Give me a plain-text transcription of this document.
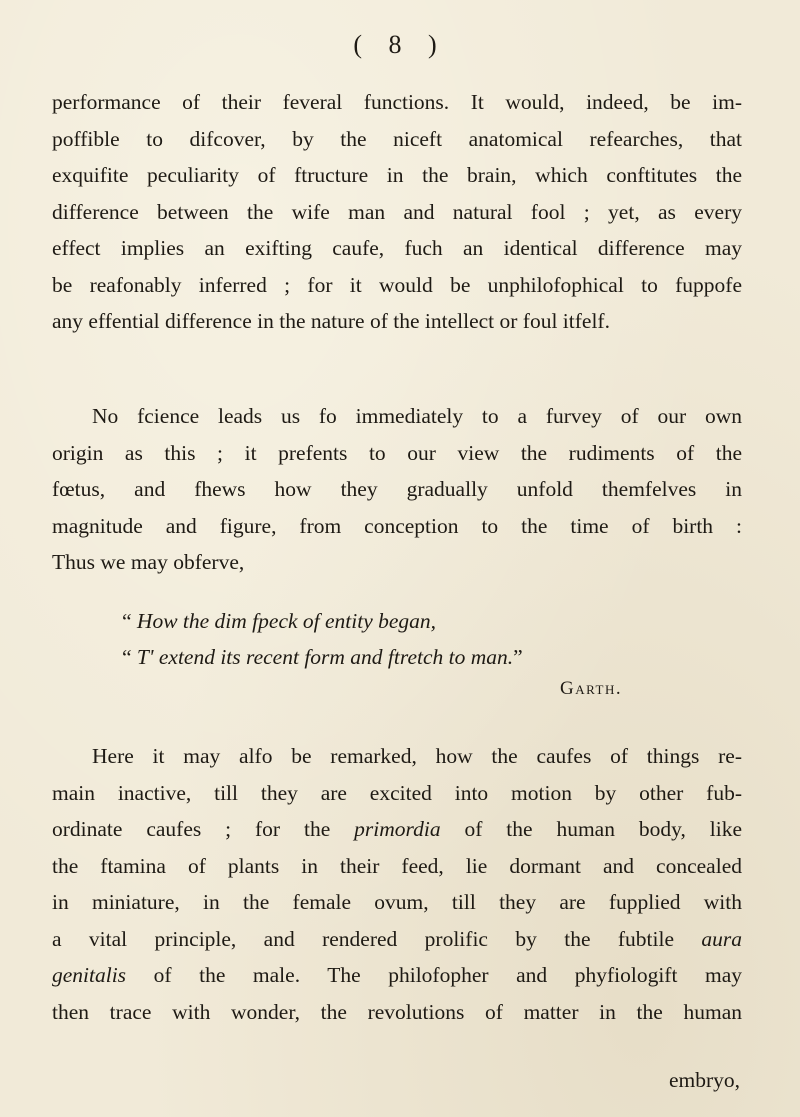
( 8 )
performance of their feveral functions. It would, indeed, be im-
poffible to difcover, by the niceft anatomical refearches, that
exquifite peculiarity of ftructure in the brain, which conftitutes the
difference between the wife man and natural fool ; yet, as every
effect implies an exifting caufe, fuch an identical difference may
be reafonably inferred ; for it would be unphilofophical to fuppofe
any effential difference in the nature of the intellect or foul itfelf.
No fcience leads us fo immediately to a furvey of our own
origin as this ; it prefents to our view the rudiments of the
fœtus, and fhews how they gradually unfold themfelves in
magnitude and figure, from conception to the time of birth :
Thus we may obferve,
“ How the dim fpeck of entity began,
“ T' extend its recent form and ftretch to man.”
Garth.
Here it may alfo be remarked, how the caufes of things re-
main inactive, till they are excited into motion by other fub-
ordinate caufes ; for the primordia of the human body, like
the ftamina of plants in their feed, lie dormant and concealed
in miniature, in the female ovum, till they are fupplied with
a vital principle, and rendered prolific by the fubtile aura
genitalis of the male. The philofopher and phyfiologift may
then trace with wonder, the revolutions of matter in the human
embryo,
